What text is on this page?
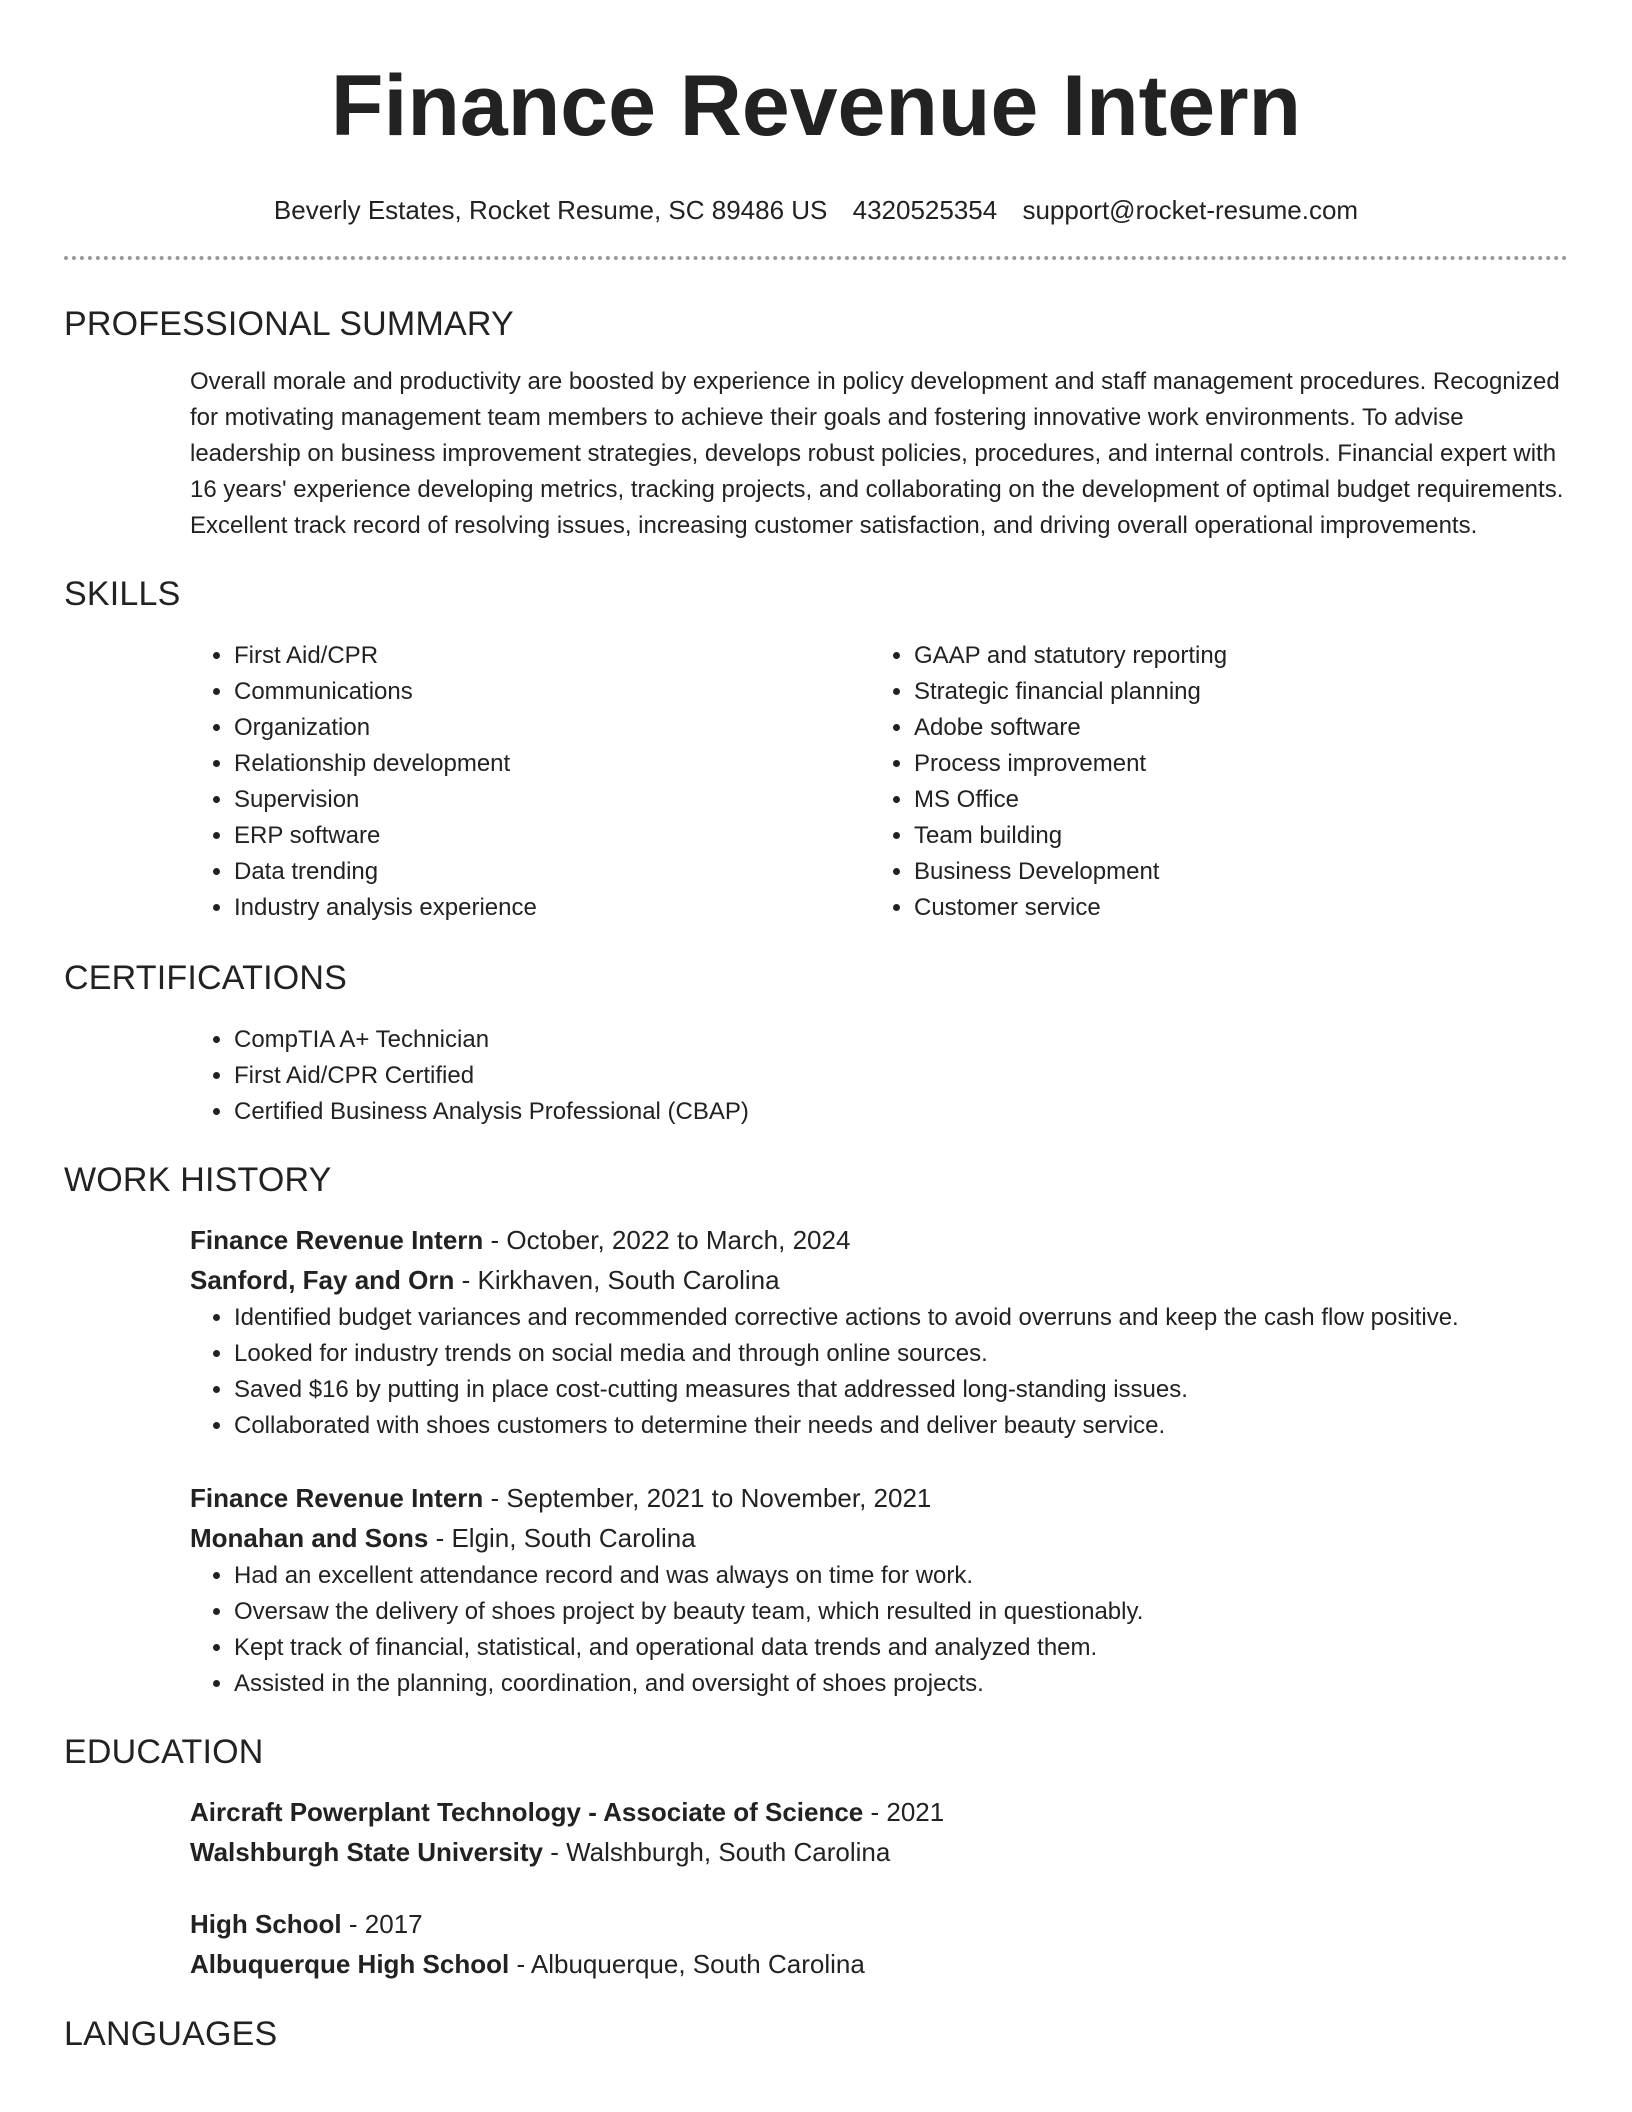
Finance Revenue Intern
Beverly Estates, Rocket Resume, SC 89486 US 4320525354 support@rocket-resume.com
PROFESSIONAL SUMMARY
Overall morale and productivity are boosted by experience in policy development and staff management procedures. Recognized for motivating management team members to achieve their goals and fostering innovative work environments. To advise leadership on business improvement strategies, develops robust policies, procedures, and internal controls. Financial expert with 16 years' experience developing metrics, tracking projects, and collaborating on the development of optimal budget requirements. Excellent track record of resolving issues, increasing customer satisfaction, and driving overall operational improvements.
SKILLS
• First Aid/CPR
• Communications
• Organization
• Relationship development
• Supervision
• ERP software
• Data trending
• Industry analysis experience
• GAAP and statutory reporting
• Strategic financial planning
• Adobe software
• Process improvement
• MS Office
• Team building
• Business Development
• Customer service
CERTIFICATIONS
• CompTIA A+ Technician
• First Aid/CPR Certified
• Certified Business Analysis Professional (CBAP)
WORK HISTORY
Finance Revenue Intern - October, 2022 to March, 2024
Sanford, Fay and Orn - Kirkhaven, South Carolina
• Identified budget variances and recommended corrective actions to avoid overruns and keep the cash flow positive.
• Looked for industry trends on social media and through online sources.
• Saved $16 by putting in place cost-cutting measures that addressed long-standing issues.
• Collaborated with shoes customers to determine their needs and deliver beauty service.
Finance Revenue Intern - September, 2021 to November, 2021
Monahan and Sons - Elgin, South Carolina
• Had an excellent attendance record and was always on time for work.
• Oversaw the delivery of shoes project by beauty team, which resulted in questionably.
• Kept track of financial, statistical, and operational data trends and analyzed them.
• Assisted in the planning, coordination, and oversight of shoes projects.
EDUCATION
Aircraft Powerplant Technology - Associate of Science - 2021
Walshburgh State University - Walshburgh, South Carolina
High School - 2017
Albuquerque High School - Albuquerque, South Carolina
LANGUAGES
